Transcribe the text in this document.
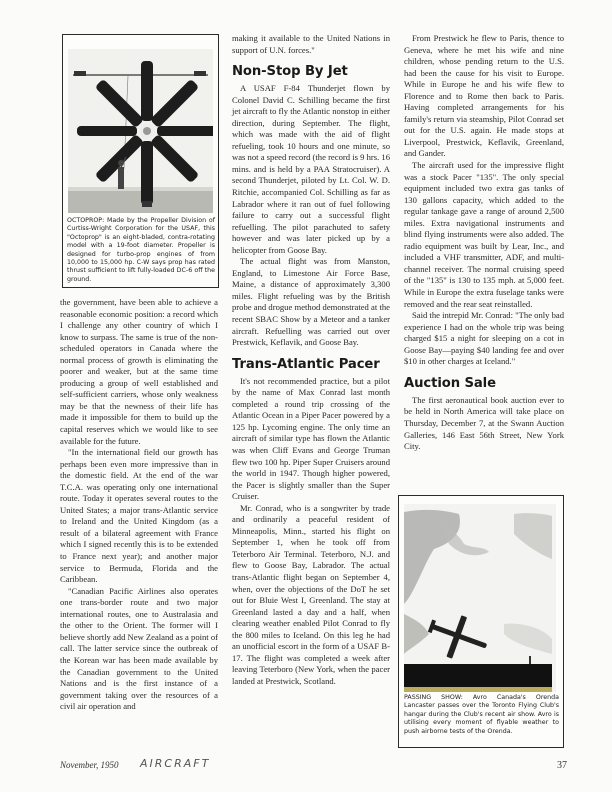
OCTOPROP: Made by the Propeller Division of Curtiss-Wright Corporation for the USAF, this "Octoprop" is an eight-bladed, contra-rotating model with a 19-foot diameter. Propeller is designed for turbo-prop engines of from 10,000 to 15,000 hp. C-W says prop has rated thrust sufficient to lift fully-loaded DC-6 off the ground.

the government, have been able to achieve a reasonable economic position: a record which I challenge any other country of which I know to surpass. The same is true of the non-scheduled operators in Canada where the normal process of growth is eliminating the poorer and weaker, but at the same time producing a group of well established and self-sufficient carriers, whose only weakness may be that the newness of their life has made it impossible for them to build up the capital reserves which we would like to see available for the future.

"In the international field our growth has perhaps been even more impressive than in the domestic field. At the end of the war T.C.A. was operating only one international route. Today it operates several routes to the United States; a major trans-Atlantic service to Ireland and the United Kingdom (as a result of a bilateral agreement with France which I signed recently this is to be extended to France next year); and another major service to Bermuda, Florida and the Caribbean.

"Canadian Pacific Airlines also operates one trans-border route and two major international routes, one to Australasia and the other to the Orient. The former will I believe shortly add New Zealand as a point of call. The latter service since the outbreak of the Korean war has been made available by the Canadian government to the United Nations and is the first instance of a government taking over the resources of a civil air operation and

making it available to the United Nations in support of U.N. forces."

Non-Stop By Jet

A USAF F-84 Thunderjet flown by Colonel David C. Schilling became the first jet aircraft to fly the Atlantic nonstop in either direction, during September. The flight, which was made with the aid of flight refueling, took 10 hours and one minute, so was not a speed record (the record is 9 hrs. 16 mins. and is held by a PAA Stratocruiser). A second Thunderjet, piloted by Lt. Col. W. D. Ritchie, accompanied Col. Schilling as far as Labrador where it ran out of fuel following failure to carry out a successful flight refuelling. The pilot parachuted to safety however and was later picked up by a helicopter from Goose Bay.

The actual flight was from Manston, England, to Limestone Air Force Base, Maine, a distance of approximately 3,300 miles. Flight refueling was by the British probe and drogue method demonstrated at the recent SBAC Show by a Meteor and a tanker aircraft. Refuelling was carried out over Prestwick, Keflavik, and Goose Bay.

Trans-Atlantic Pacer

It's not recommended practice, but a pilot by the name of Max Conrad last month completed a round trip crossing of the Atlantic Ocean in a Piper Pacer powered by a 125 hp. Lycoming engine. The only time an aircraft of similar type has flown the Atlantic was when Cliff Evans and George Truman flew two 100 hp. Piper Super Cruisers around the world in 1947. Though higher powered, the Pacer is slightly smaller than the Super Cruiser.

Mr. Conrad, who is a songwriter by trade and ordinarily a peaceful resident of Minneapolis, Minn., started his flight on September 1, when he took off from Teterboro Air Terminal. Teterboro, N.J. and flew to Goose Bay, Labrador. The actual trans-Atlantic flight began on September 4, when, over the objections of the DoT he set out for Bluie West I, Greenland. The stay at Greenland lasted a day and a half, when clearing weather enabled Pilot Conrad to fly the 800 miles to Iceland. On this leg he had an unofficial escort in the form of a USAF B-17. The flight was completed a week after leaving Teterboro (New York, when the pacer landed at Prestwick, Scotland.

From Prestwick he flew to Paris, thence to Geneva, where he met his wife and nine children, whose pending return to the U.S. had been the cause for his visit to Europe. While in Europe he and his wife flew to Florence and to Rome then back to Paris. Having completed arrangements for his family's return via steamship, Pilot Conrad set out for the U.S. again. He made stops at Liverpool, Prestwick, Keflavik, Greenland, and Gander.

The aircraft used for the impressive flight was a stock Pacer "135". The only special equipment included two extra gas tanks of 130 gallons capacity, which added to the regular tankage gave a range of around 2,500 miles. Extra navigational instruments and blind flying instruments were also added. The radio equipment was built by Lear, Inc., and included a VHF transmitter, ADF, and multi-channel receiver. The normal cruising speed of the "135" is 130 to 135 mph. at 5,000 feet. While in Europe the extra fuselage tanks were removed and the rear seat reinstalled.

Said the intrepid Mr. Conrad: "The only bad experience I had on the whole trip was being charged $15 a night for sleeping on a cot in Goose Bay—paying $40 landing fee and over $10 in other charges at Iceland."

Auction Sale

The first aeronautical book auction ever to be held in North America will take place on Thursday, December 7, at the Swann Auction Galleries, 146 East 56th Street, New York City.

PASSING SHOW: Avro Canada's Orenda Lancaster passes over the Toronto Flying Club's hangar during the Club's recent air show. Avro is utilising every moment of flyable weather to push airborne tests of the Orenda.
November, 1950 AIRCRAFT	37
